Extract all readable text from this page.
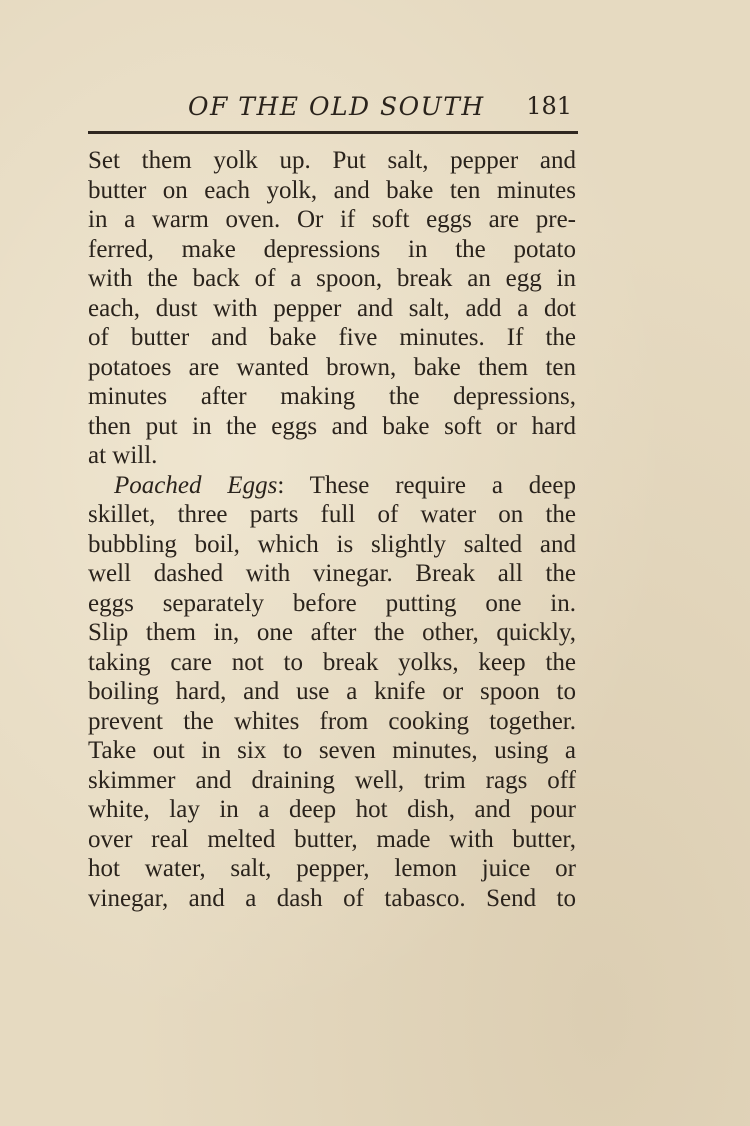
OF THE OLD SOUTH 181
Set them yolk up. Put salt, pepper and
butter on each yolk, and bake ten minutes
in a warm oven. Or if soft eggs are pre-
ferred, make depressions in the potato
with the back of a spoon, break an egg in
each, dust with pepper and salt, add a dot
of butter and bake five minutes. If the
potatoes are wanted brown, bake them ten
minutes after making the depressions,
then put in the eggs and bake soft or hard
at will.
Poached Eggs: These require a deep
skillet, three parts full of water on the
bubbling boil, which is slightly salted and
well dashed with vinegar. Break all the
eggs separately before putting one in.
Slip them in, one after the other, quickly,
taking care not to break yolks, keep the
boiling hard, and use a knife or spoon to
prevent the whites from cooking together.
Take out in six to seven minutes, using a
skimmer and draining well, trim rags off
white, lay in a deep hot dish, and pour
over real melted butter, made with butter,
hot water, salt, pepper, lemon juice or
vinegar, and a dash of tabasco. Send to
